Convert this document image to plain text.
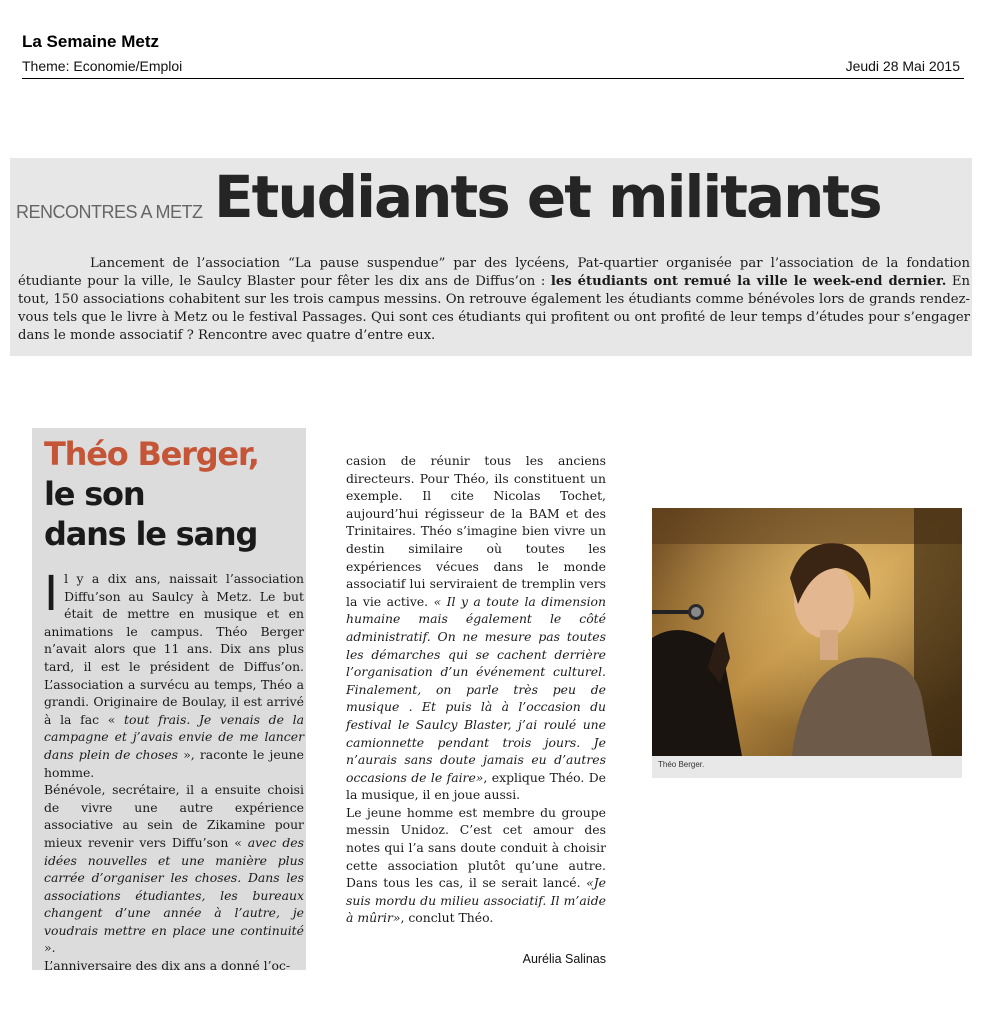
La Semaine Metz
Theme: Economie/Emploi	Jeudi 28 Mai 2015
RENCONTRES A METZ Etudiants et militants

Lancement de l’association “La pause suspendue” par des lycéens, Pat-quartier organisée par l’association de la fondation étudiante pour la ville, le Saulcy Blaster pour fêter les dix ans de Diffus’on : les étudiants ont remué la ville le week-end dernier. En tout, 150 associations cohabitent sur les trois campus messins. On retrouve également les étudiants comme bénévoles lors de grands rendez-vous tels que le livre à Metz ou le festival Passages. Qui sont ces étudiants qui profitent ou ont profité de leur temps d’études pour s’engager dans le monde associatif ? Rencontre avec quatre d’entre eux.

Théo Berger,
le son
dans le sang
Il y a dix ans, naissait l’association Diffu’son au Saulcy à Metz. Le but était de mettre en musique et en animations le campus. Théo Berger n’avait alors que 11 ans. Dix ans plus tard, il est le président de Diffus’on. L’association a survécu au temps, Théo a grandi. Originaire de Boulay, il est arrivé à la fac « tout frais. Je venais de la campagne et j’avais envie de me lancer dans plein de choses », raconte le jeune homme.
Bénévole, secrétaire, il a ensuite choisi de vivre une autre expérience associative au sein de Zikamine pour mieux revenir vers Diffu’son « avec des idées nouvelles et une manière plus carrée d’organiser les choses. Dans les associations étudiantes, les bureaux changent d’une année à l’autre, je voudrais mettre en place une continuité ».
L’anniversaire des dix ans a donné l’oc-
casion de réunir tous les anciens directeurs. Pour Théo, ils constituent un exemple. Il cite Nicolas Tochet, aujourd’hui régisseur de la BAM et des Trinitaires. Théo s’imagine bien vivre un destin similaire où toutes les expériences vécues dans le monde associatif lui serviraient de tremplin vers la vie active. « Il y a toute la dimension humaine mais également le côté administratif. On ne mesure pas toutes les démarches qui se cachent derrière l’organisation d’un événement culturel. Finalement, on parle très peu de musique . Et puis là à l’occasion du festival le Saulcy Blaster, j’ai roulé une camionnette pendant trois jours. Je n’aurais sans doute jamais eu d’autres occasions de le faire», explique Théo. De la musique, il en joue aussi.
Le jeune homme est membre du groupe messin Unidoz. C’est cet amour des notes qui l’a sans doute conduit à choisir cette association plutôt qu’une autre. Dans tous les cas, il se serait lancé. «Je suis mordu du milieu associatif. Il m’aide à mûrir», conclut Théo.
Aurélia Salinas
Théo Berger.
